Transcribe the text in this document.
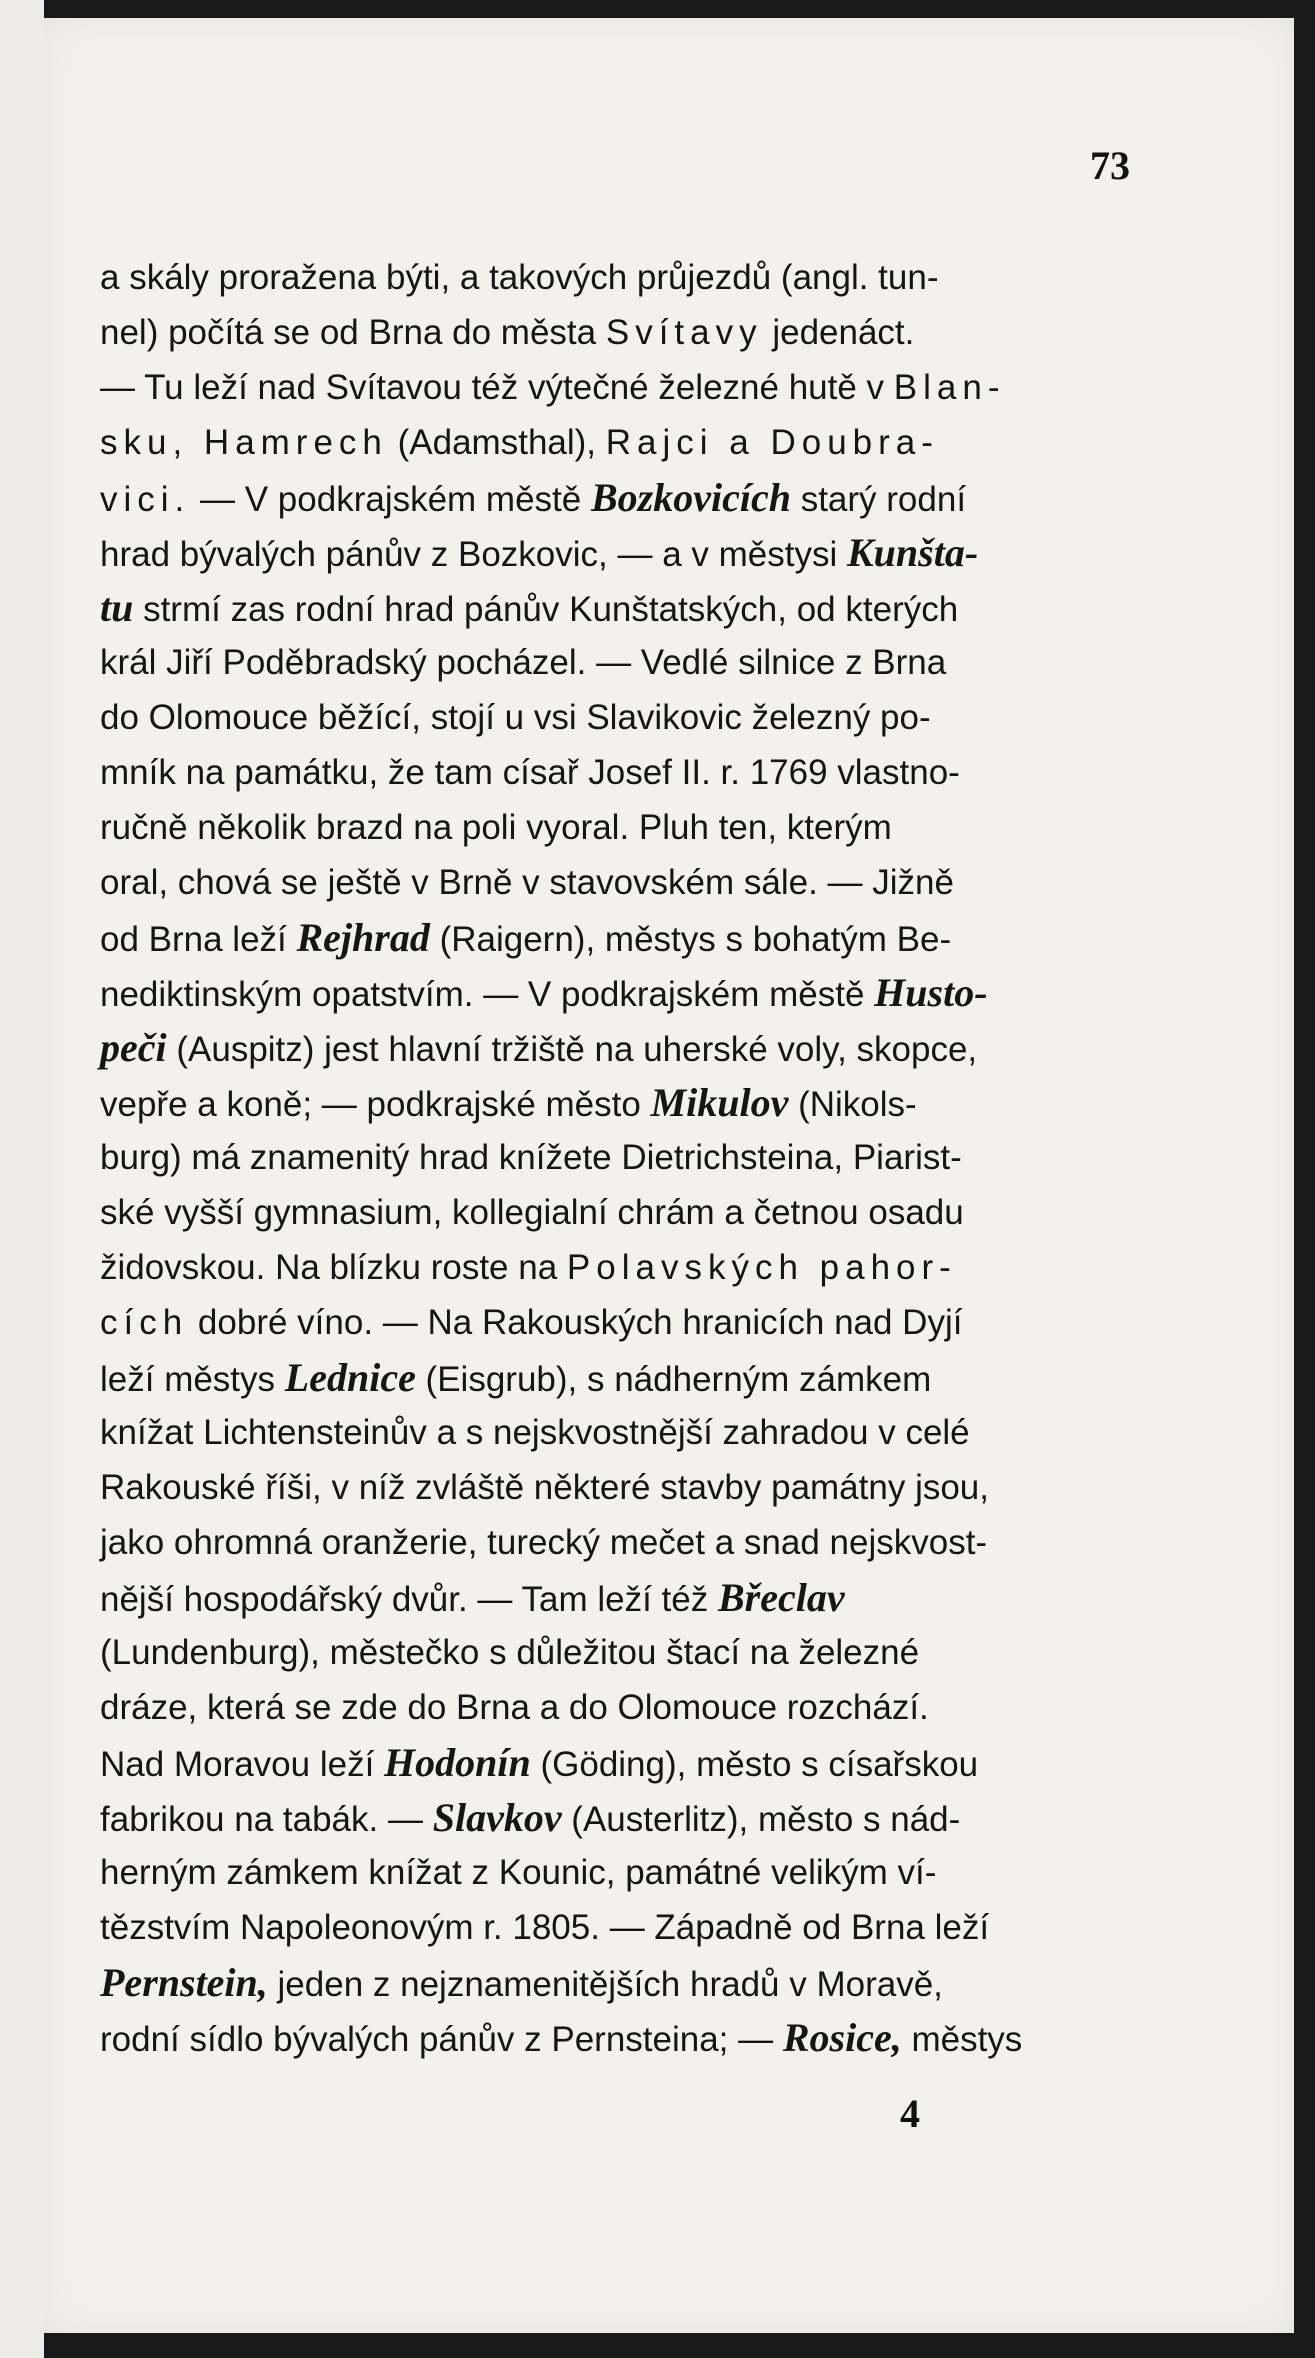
73
a skály proražena býti, a takových průjezdů (angl. tun-
nel) počítá se od Brna do města Svítavy jedenáct.
— Tu leží nad Svítavou též výtečné železné hutě v Blan-
sku, Hamrech (Adamsthal), Rajci a Doubra-
vici. — V podkrajském městě Bozkovicích starý rodní
hrad bývalých pánův z Bozkovic, — a v městysi Kunšta-
tu strmí zas rodní hrad pánův Kunštatských, od kterých
král Jiří Poděbradský pocházel. — Vedlé silnice z Brna
do Olomouce běžící, stojí u vsi Slavikovic železný po-
mník na památku, že tam císař Josef II. r. 1769 vlastno-
ručně několik brazd na poli vyoral. Pluh ten, kterým
oral, chová se ještě v Brně v stavovském sále. — Jižně
od Brna leží Rejhrad (Raigern), městys s bohatým Be-
nediktinským opatstvím. — V podkrajském městě Husto-
peči (Auspitz) jest hlavní tržiště na uherské voly, skopce,
vepře a koně; — podkrajské město Mikulov (Nikols-
burg) má znamenitý hrad knížete Dietrichsteina, Piarist-
ské vyšší gymnasium, kollegialní chrám a četnou osadu
židovskou. Na blízku roste na Polavských pahor-
cích dobré víno. — Na Rakouských hranicích nad Dyjí
leží městys Lednice (Eisgrub), s nádherným zámkem
knížat Lichtensteinův a s nejskvostnější zahradou v celé
Rakouské říši, v níž zvláště některé stavby památny jsou,
jako ohromná oranžerie, turecký mečet a snad nejskvost-
nější hospodářský dvůr. — Tam leží též Břeclav
(Lundenburg), městečko s důležitou štací na železné
dráze, která se zde do Brna a do Olomouce rozchází.
Nad Moravou leží Hodonín (Göding), město s císařskou
fabrikou na tabák. — Slavkov (Austerlitz), město s nád-
herným zámkem knížat z Kounic, památné velikým ví-
tězstvím Napoleonovým r. 1805. — Západně od Brna leží
Pernstein, jeden z nejznamenitějších hradů v Moravě,
rodní sídlo bývalých pánův z Pernsteina; — Rosice, městys
4
